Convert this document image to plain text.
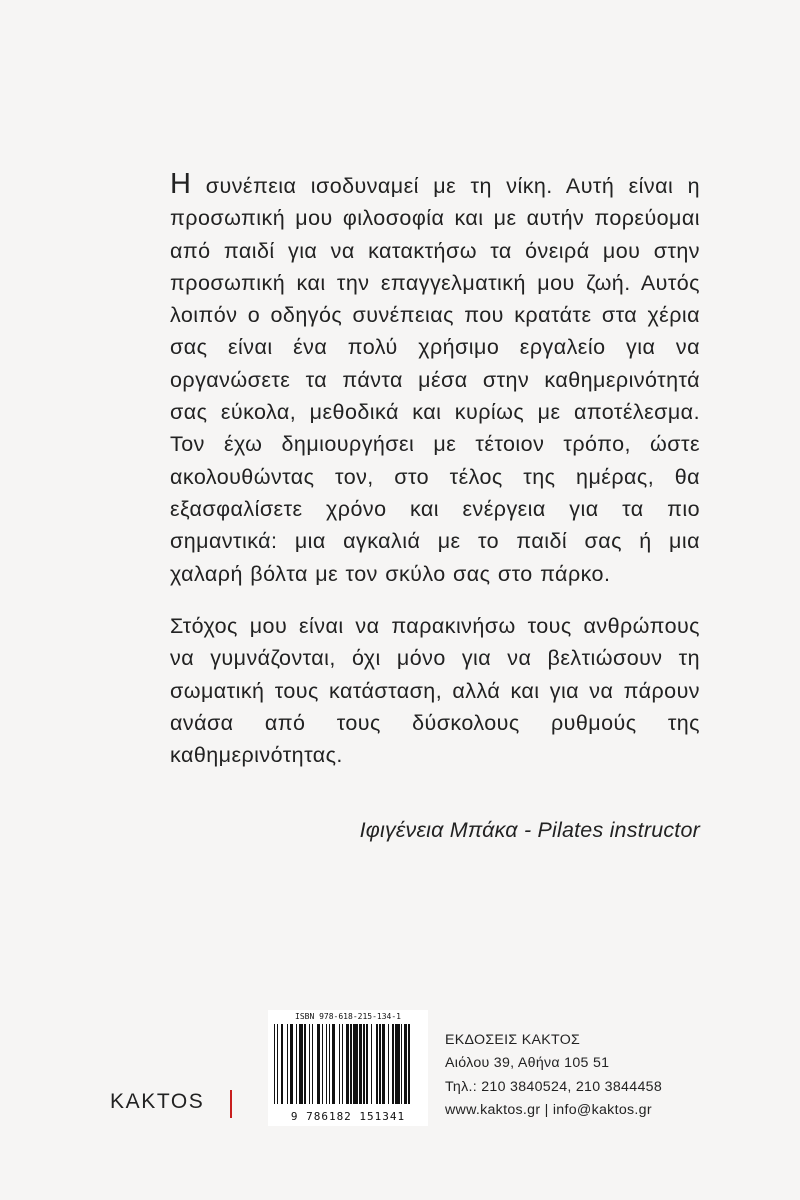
Η συνέπεια ισοδυναμεί με τη νίκη. Αυτή είναι η προσωπική μου φιλοσοφία και με αυτήν πορεύομαι από παιδί για να κατακτήσω τα όνειρά μου στην προσωπική και την επαγγελματική μου ζωή. Αυτός λοιπόν ο οδηγός συνέπειας που κρατάτε στα χέρια σας είναι ένα πολύ χρήσιμο εργαλείο για να οργανώσετε τα πάντα μέσα στην καθημερινότητά σας εύκολα, μεθοδικά και κυρίως με αποτέλεσμα. Τον έχω δημιουργήσει με τέτοιον τρόπο, ώστε ακολουθώντας τον, στο τέλος της ημέρας, θα εξασφαλίσετε χρόνο και ενέργεια για τα πιο σημαντικά: μια αγκαλιά με το παιδί σας ή μια χαλαρή βόλτα με τον σκύλο σας στο πάρκο.

Στόχος μου είναι να παρακινήσω τους ανθρώπους να γυμνάζονται, όχι μόνο για να βελτιώσουν τη σωματική τους κατάσταση, αλλά και για να πάρουν ανάσα από τους δύσκολους ρυθμούς της καθημερινότητας.

Ιφιγένεια Μπάκα - Pilates instructor
KAKTOS
ISBN 978-618-215-134-1
9 786182 151341
ΕΚΔΟΣΕΙΣ ΚΑΚΤΟΣ
Αιόλου 39, Αθήνα 105 51
Τηλ.: 210 3840524, 210 3844458
www.kaktos.gr | info@kaktos.gr
